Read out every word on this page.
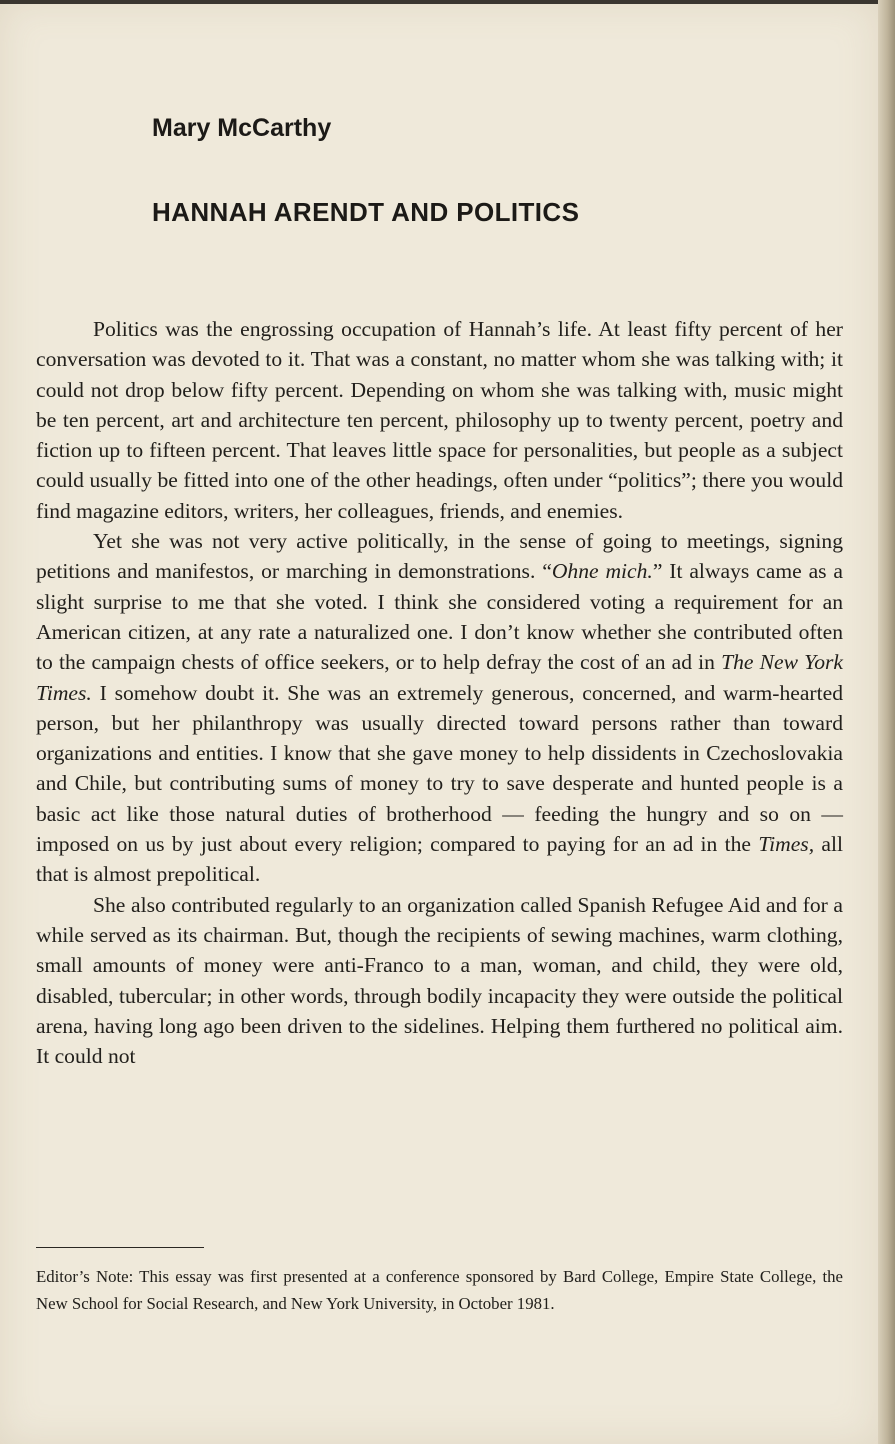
Mary McCarthy
HANNAH ARENDT AND POLITICS

Politics was the engrossing occupation of Hannah’s life. At least fifty percent of her conversation was devoted to it. That was a constant, no matter whom she was talking with; it could not drop below fifty percent. Depending on whom she was talking with, music might be ten percent, art and architecture ten percent, philosophy up to twenty percent, poetry and fiction up to fifteen percent. That leaves little space for personalities, but people as a subject could usually be fitted into one of the other headings, often under “politics”; there you would find magazine editors, writers, her colleagues, friends, and enemies.

Yet she was not very active politically, in the sense of going to meetings, signing petitions and manifestos, or marching in demonstrations. “Ohne mich.” It always came as a slight surprise to me that she voted. I think she considered voting a requirement for an American citizen, at any rate a naturalized one. I don’t know whether she contributed often to the campaign chests of office seekers, or to help defray the cost of an ad in The New York Times. I somehow doubt it. She was an extremely generous, concerned, and warm-hearted person, but her philanthropy was usually directed toward persons rather than toward organizations and entities. I know that she gave money to help dissidents in Czechoslovakia and Chile, but contributing sums of money to try to save desperate and hunted people is a basic act like those natural duties of brotherhood — feeding the hungry and so on — imposed on us by just about every religion; compared to paying for an ad in the Times, all that is almost prepolitical.

She also contributed regularly to an organization called Spanish Refugee Aid and for a while served as its chairman. But, though the recipients of sewing machines, warm clothing, small amounts of money were anti-Franco to a man, woman, and child, they were old, disabled, tubercular; in other words, through bodily incapacity they were outside the political arena, having long ago been driven to the sidelines. Helping them furthered no political aim. It could not

Editor’s Note: This essay was first presented at a conference sponsored by Bard College, Empire State College, the New School for Social Research, and New York University, in October 1981.
